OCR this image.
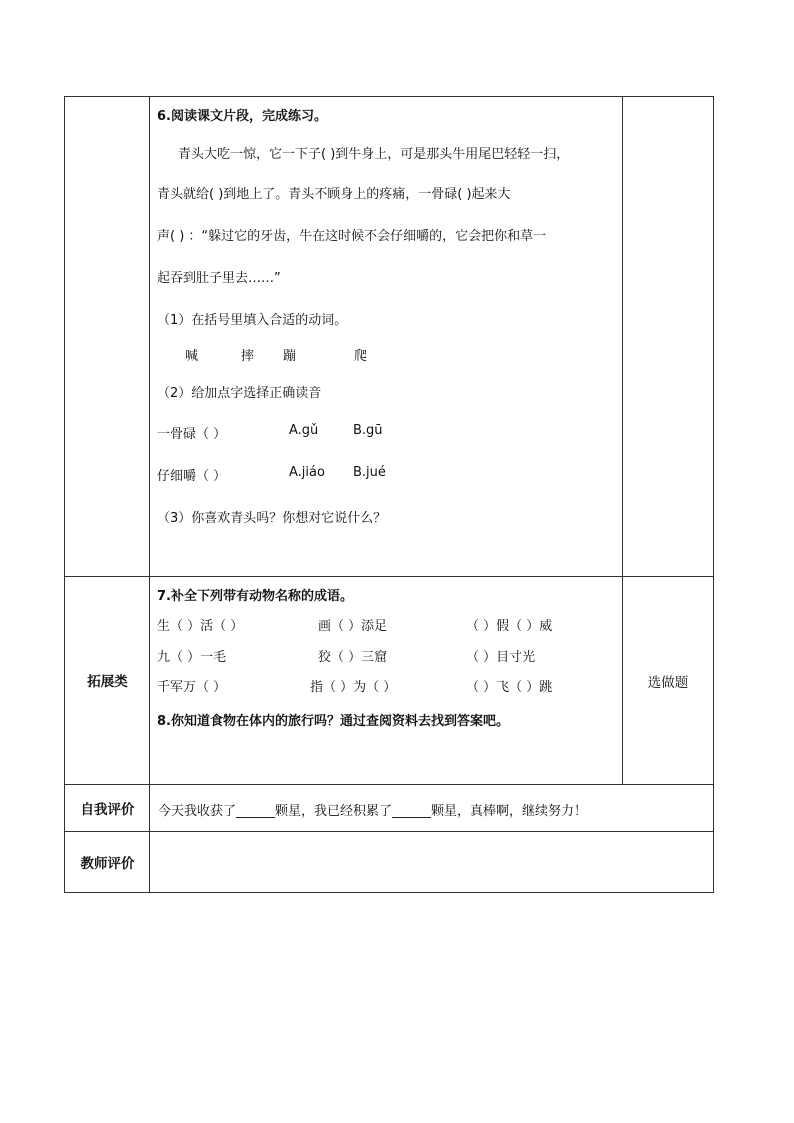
6.阅读课文片段，完成练习。
青头大吃一惊，它一下子( )到牛身上，可是那头牛用尾巴轻轻一扫，
青头就给( )到地上了。青头不顾身上的疼痛，一骨碌( )起来大
声( ) ：“躲过它的牙齿，牛在这时候不会仔细嚼的，它会把你和草一
起吞到肚子里去……”
（1）在括号里填入合适的动词。
喊	摔 蹦	爬
（2）给加点字选择正确读音
一骨碌（ ）	A.gǔ	B.gū
仔细嚼（ ）	A.jiáo B.jué
（3）你喜欢青头吗？你想对它说什么？
拓展类
7.补全下列带有动物名称的成语。
生（ ）活（ ）	画（ ）添足	（ ）假（ ）威
九（ ）一毛	狡（ ）三窟	（ ）目寸光
千军万（ ）	指（ ）为（ ）	（ ）飞（ ）跳
8.你知道食物在体内的旅行吗？通过查阅资料去找到答案吧。
选做题
自我评价	今天我收获了______颗星，我已经积累了______颗星，真棒啊，继续努力！
教师评价
